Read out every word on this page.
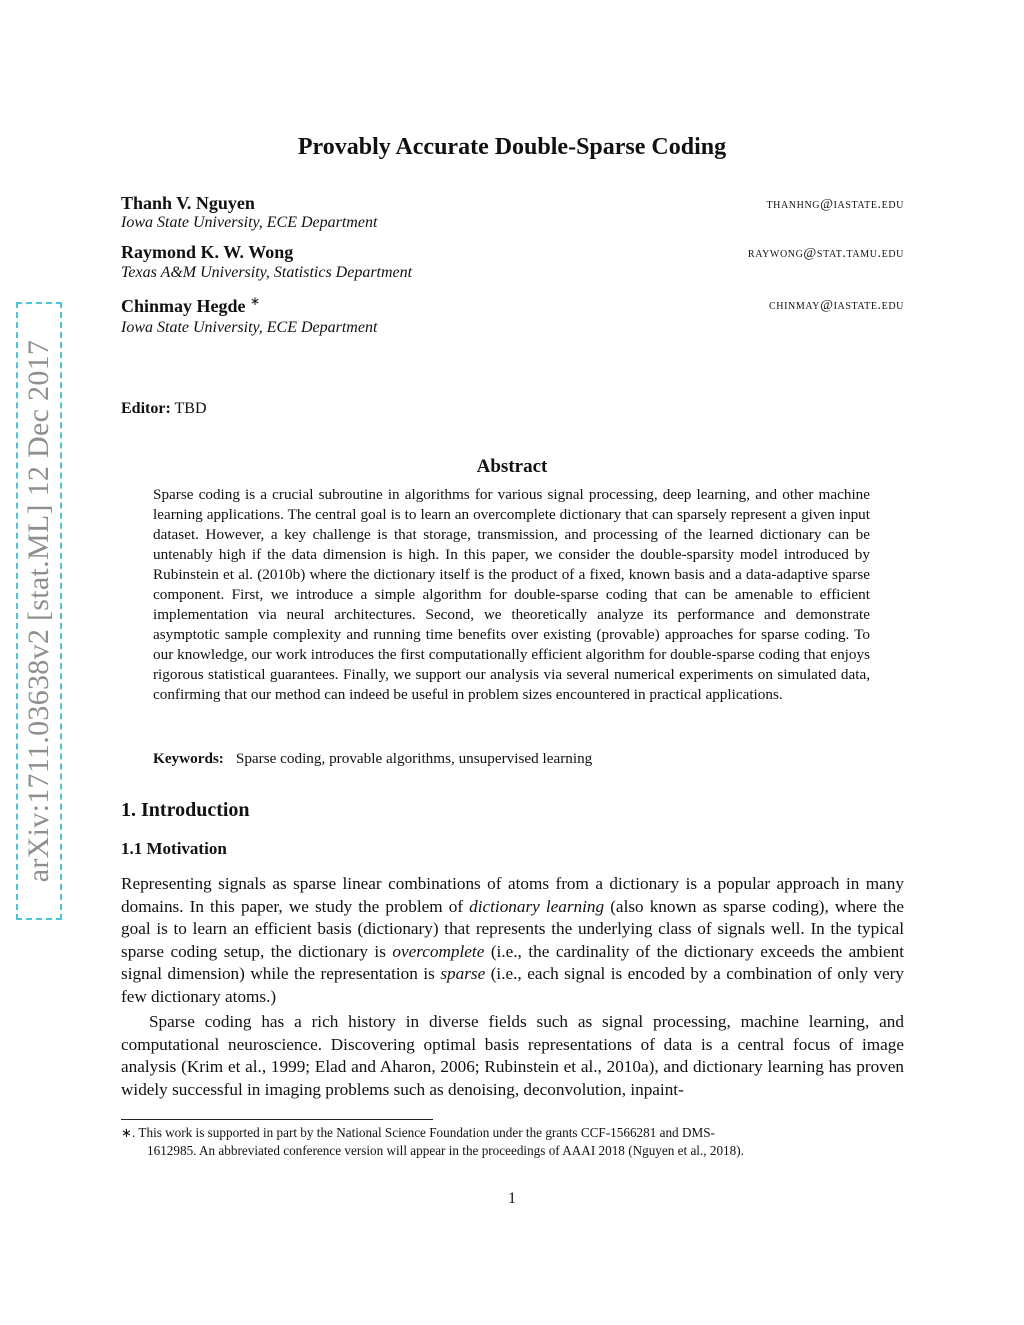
arXiv:1711.03638v2 [stat.ML] 12 Dec 2017
Provably Accurate Double-Sparse Coding
Thanh V. Nguyen	thanhng@iastate.edu
Iowa State University, ECE Department
Raymond K. W. Wong	raywong@stat.tamu.edu
Texas A&M University, Statistics Department
Chinmay Hegde ∗	chinmay@iastate.edu
Iowa State University, ECE Department
Editor: TBD
Abstract
Sparse coding is a crucial subroutine in algorithms for various signal processing, deep learning, and other machine learning applications. The central goal is to learn an overcomplete dictionary that can sparsely represent a given input dataset. However, a key challenge is that storage, transmission, and processing of the learned dictionary can be untenably high if the data dimension is high. In this paper, we consider the double-sparsity model introduced by Rubinstein et al. (2010b) where the dictionary itself is the product of a fixed, known basis and a data-adaptive sparse component. First, we introduce a simple algorithm for double-sparse coding that can be amenable to efficient implementation via neural architectures. Second, we theoretically analyze its performance and demonstrate asymptotic sample complexity and running time benefits over existing (provable) approaches for sparse coding. To our knowledge, our work introduces the first computationally efficient algorithm for double-sparse coding that enjoys rigorous statistical guarantees. Finally, we support our analysis via several numerical experiments on simulated data, confirming that our method can indeed be useful in problem sizes encountered in practical applications.
Keywords: Sparse coding, provable algorithms, unsupervised learning
1. Introduction
1.1 Motivation

Representing signals as sparse linear combinations of atoms from a dictionary is a popular approach in many domains. In this paper, we study the problem of dictionary learning (also known as sparse coding), where the goal is to learn an efficient basis (dictionary) that represents the underlying class of signals well. In the typical sparse coding setup, the dictionary is overcomplete (i.e., the cardinality of the dictionary exceeds the ambient signal dimension) while the representation is sparse (i.e., each signal is encoded by a combination of only very few dictionary atoms.)

Sparse coding has a rich history in diverse fields such as signal processing, machine learning, and computational neuroscience. Discovering optimal basis representations of data is a central focus of image analysis (Krim et al., 1999; Elad and Aharon, 2006; Rubinstein et al., 2010a), and dictionary learning has proven widely successful in imaging problems such as denoising, deconvolution, inpaint-

∗. This work is supported in part by the National Science Foundation under the grants CCF-1566281 and DMS-
1612985. An abbreviated conference version will appear in the proceedings of AAAI 2018 (Nguyen et al., 2018).
1
